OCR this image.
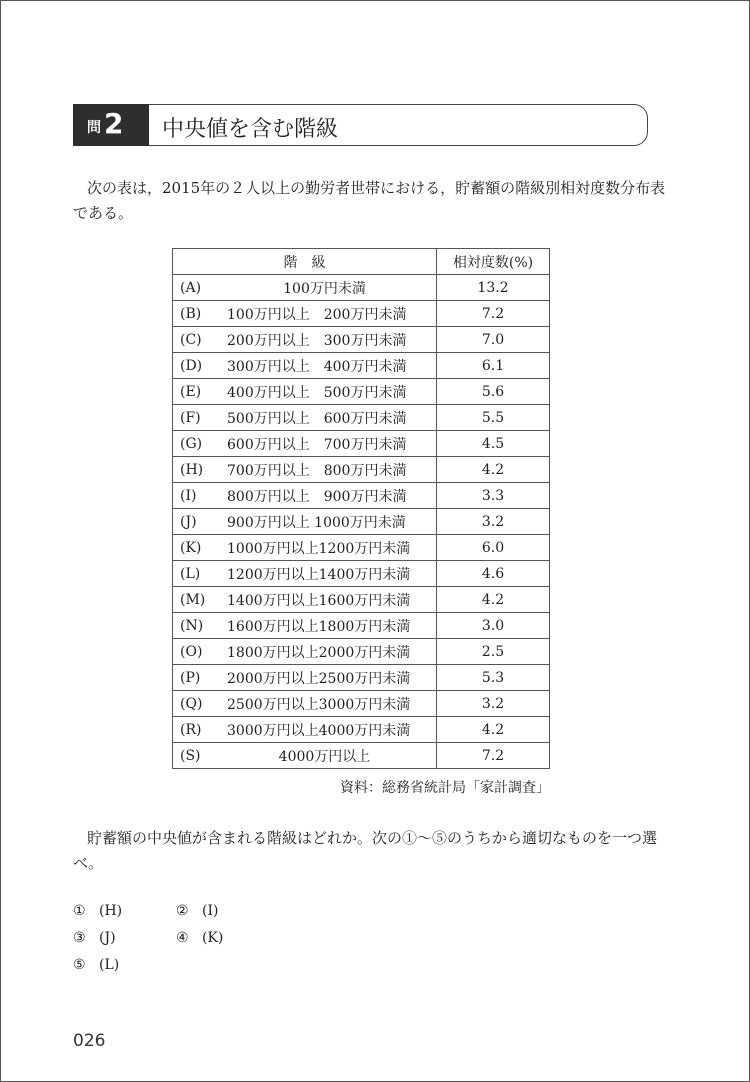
問 2 中央値を含む階級

次の表は，2015年の２人以上の勤労者世帯における，貯蓄額の階級別相対度数分布表である。

階　級	相対度数(%)

(A) 100万円未満	13.2

(B) 100万円以上　200万円未満	7.2

(C) 200万円以上　300万円未満	7.0

(D) 300万円以上　400万円未満	6.1

(E) 400万円以上　500万円未満	5.6

(F) 500万円以上　600万円未満	5.5

(G) 600万円以上　700万円未満	4.5

(H) 700万円以上　800万円未満	4.2

(I) 800万円以上　900万円未満	3.3

(J) 900万円以上 1000万円未満	3.2

(K) 1000万円以上1200万円未満	6.0

(L) 1200万円以上1400万円未満	4.6

(M) 1400万円以上1600万円未満	4.2

(N) 1600万円以上1800万円未満	3.0

(O) 1800万円以上2000万円未満	2.5

(P) 2000万円以上2500万円未満	5.3

(Q) 2500万円以上3000万円未満	3.2

(R) 3000万円以上4000万円未満	4.2

(S) 4000万円以上	7.2
資料：総務省統計局「家計調査」

貯蓄額の中央値が含まれる階級はどれか。次の①～⑤のうちから適切なものを一つ選べ。

① (H)	② (I)
③ (J)	④ (K)
⑤ (L)
026
